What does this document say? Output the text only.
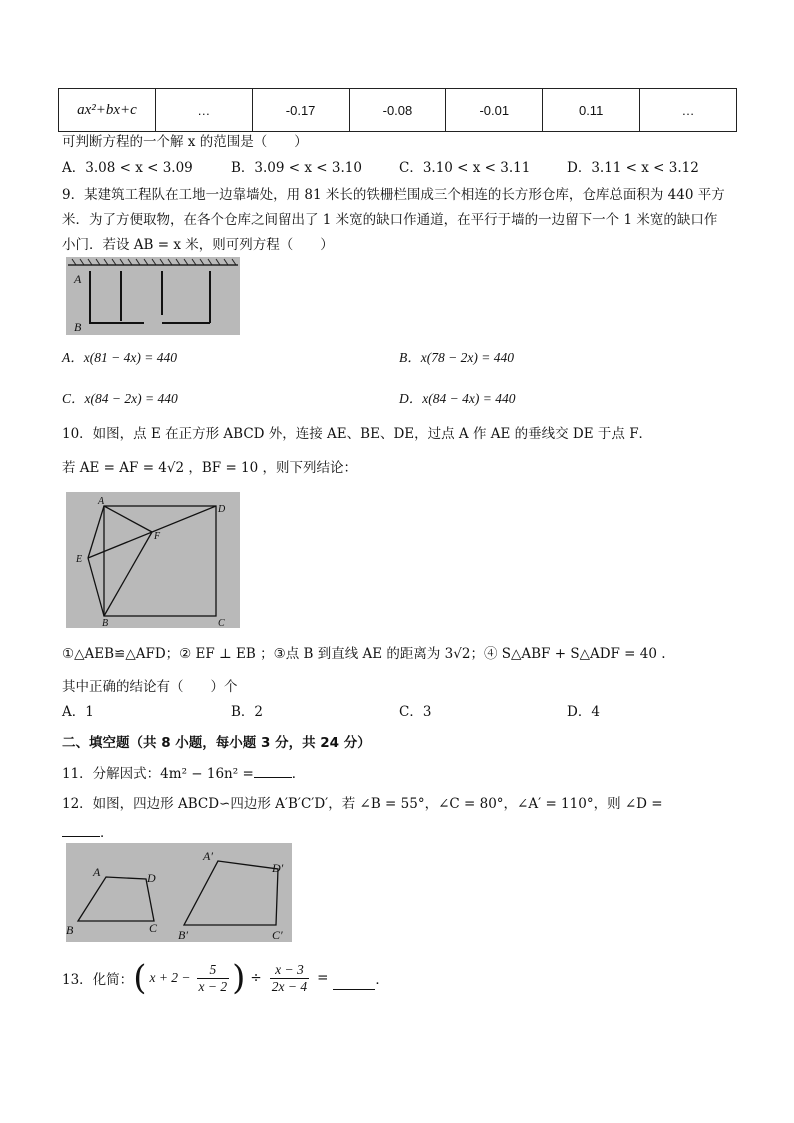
ax²+bx+c	…	-0.17	-0.08	-0.01	0.11	…
可判断方程的一个解 x 的范围是（　　）
A．3.08 < x < 3.09	B．3.09 < x < 3.10	C．3.10 < x < 3.11	D．3.11 < x < 3.12
9．某建筑工程队在工地一边靠墙处，用 81 米长的铁栅栏围成三个相连的长方形仓库，仓库总面积为 440 平方
米．为了方便取物，在各个仓库之间留出了 1 米宽的缺口作通道，在平行于墙的一边留下一个 1 米宽的缺口作
小门．若设 AB = x 米，则可列方程（　　）
A
B
A．x(81 − 4x) = 440	B．x(78 − 2x) = 440
C．x(84 − 2x) = 440	D．x(84 − 4x) = 440
10．如图，点 E 在正方形 ABCD 外，连接 AE、BE、DE，过点 A 作 AE 的垂线交 DE 于点 F．
若 AE = AF = 4√2 ，BF = 10 ，则下列结论：
A
D
F
E
B	C
①△AEB≌△AFD；② EF ⊥ EB ；③点 B 到直线 AE 的距离为 3√2；④ S△ABF + S△ADF = 40 .
其中正确的结论有（　　）个
A．1	B．2	C．3	D．4
二、填空题（共 8 小题，每小题 3 分，共 24 分）
11．分解因式：4m² − 16n² =	．
12．如图，四边形 ABCD∽四边形 A′B′C′D′，若 ∠B = 55°，∠C = 80°，∠A′ = 110°，则 ∠D =
．
A	D
B	C
A′
D′
B′	C′
13．化简： ( x + 2 −
5
x − 2 ) ÷
x − 3
2x − 4 =	．
